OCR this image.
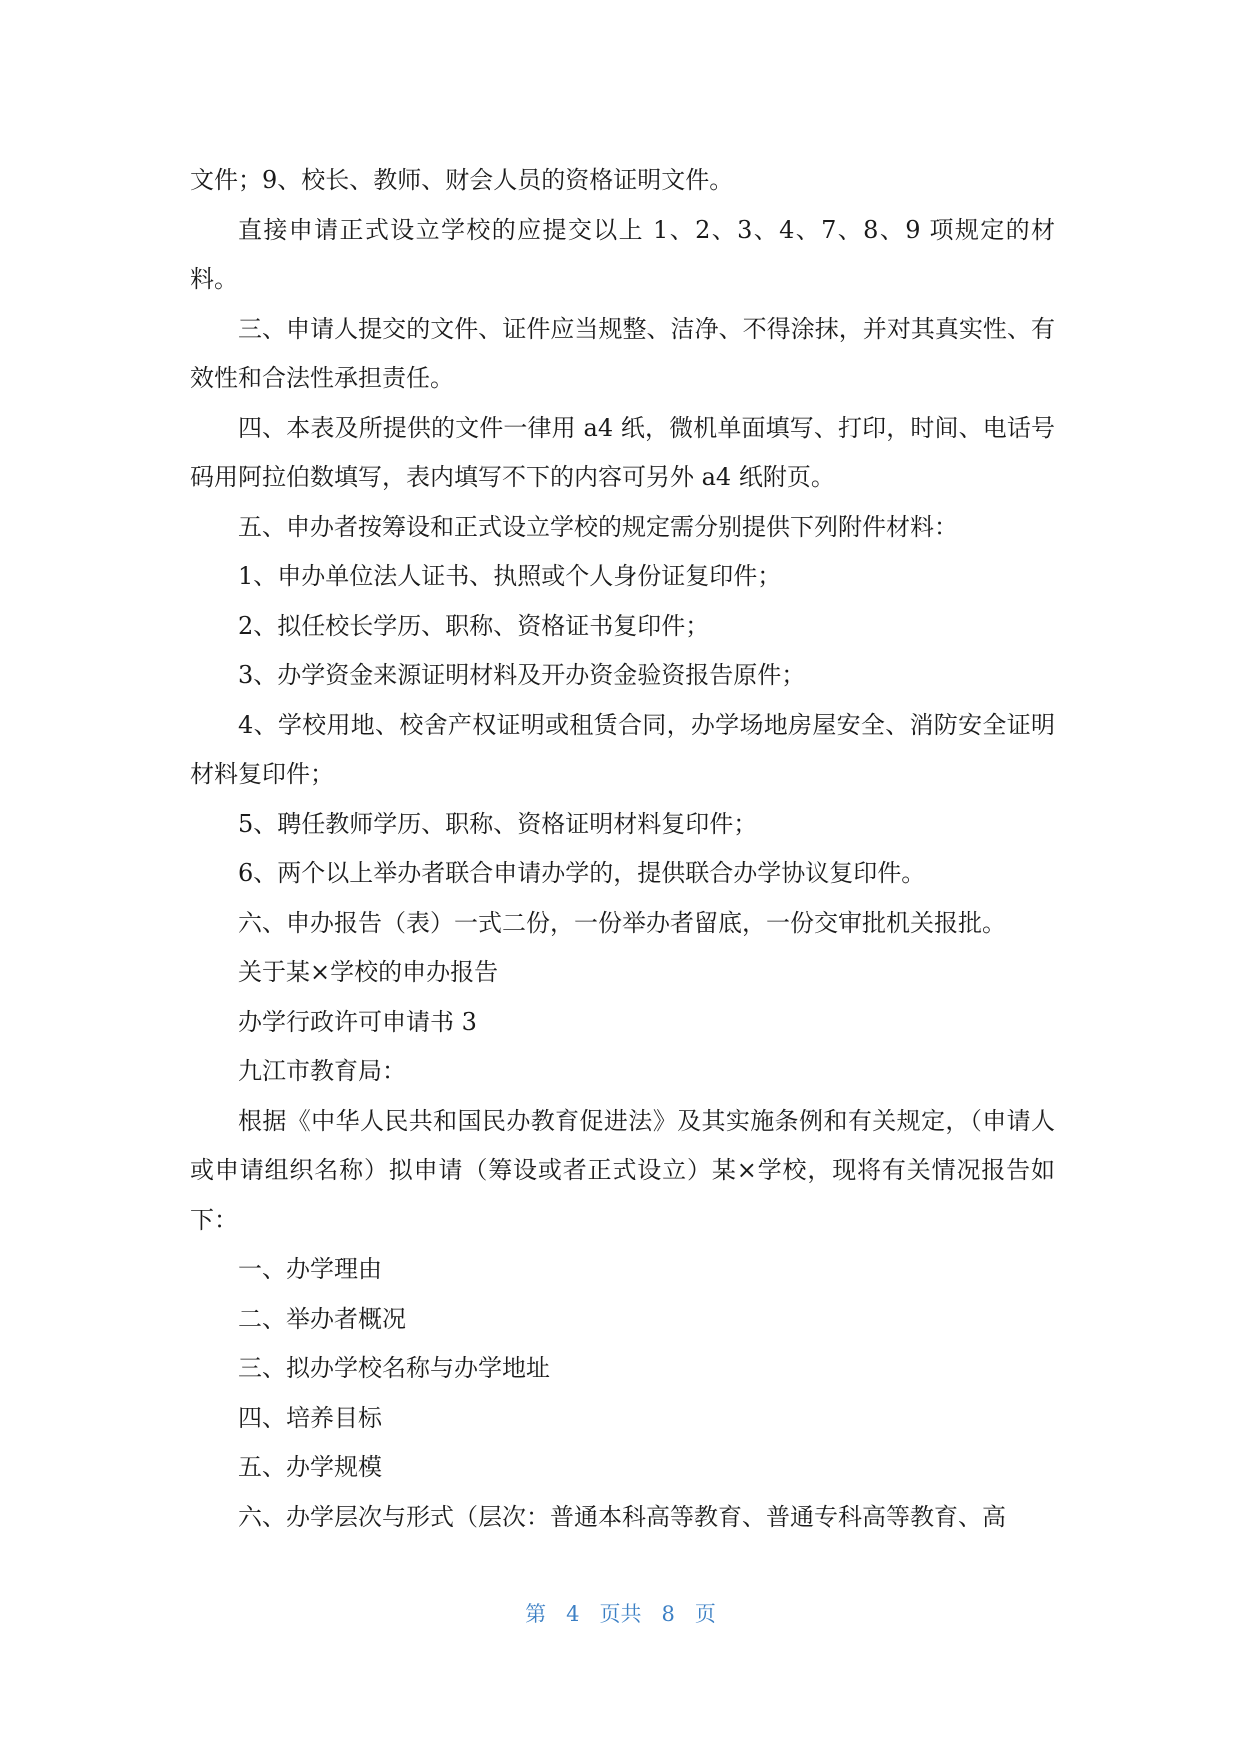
文件；9、校长、教师、财会人员的资格证明文件。

直接申请正式设立学校的应提交以上 1、2、3、4、7、8、9 项规定的材料。

三、申请人提交的文件、证件应当规整、洁净、不得涂抹，并对其真实性、有效性和合法性承担责任。

四、本表及所提供的文件一律用 a4 纸，微机单面填写、打印，时间、电话号码用阿拉伯数填写，表内填写不下的内容可另外 a4 纸附页。

五、申办者按筹设和正式设立学校的规定需分别提供下列附件材料：

1、申办单位法人证书、执照或个人身份证复印件；

2、拟任校长学历、职称、资格证书复印件；

3、办学资金来源证明材料及开办资金验资报告原件；

4、学校用地、校舍产权证明或租赁合同，办学场地房屋安全、消防安全证明材料复印件；

5、聘任教师学历、职称、资格证明材料复印件；

6、两个以上举办者联合申请办学的，提供联合办学协议复印件。

六、申办报告（表）一式二份，一份举办者留底，一份交审批机关报批。

关于某×学校的申办报告

办学行政许可申请书 3

九江市教育局：

根据《中华人民共和国民办教育促进法》及其实施条例和有关规定，（申请人或申请组织名称）拟申请（筹设或者正式设立）某×学校，现将有关情况报告如下：

一、办学理由

二、举办者概况

三、拟办学校名称与办学地址

四、培养目标

五、办学规模

六、办学层次与形式（层次：普通本科高等教育、普通专科高等教育、高

第 4 页共 8 页
